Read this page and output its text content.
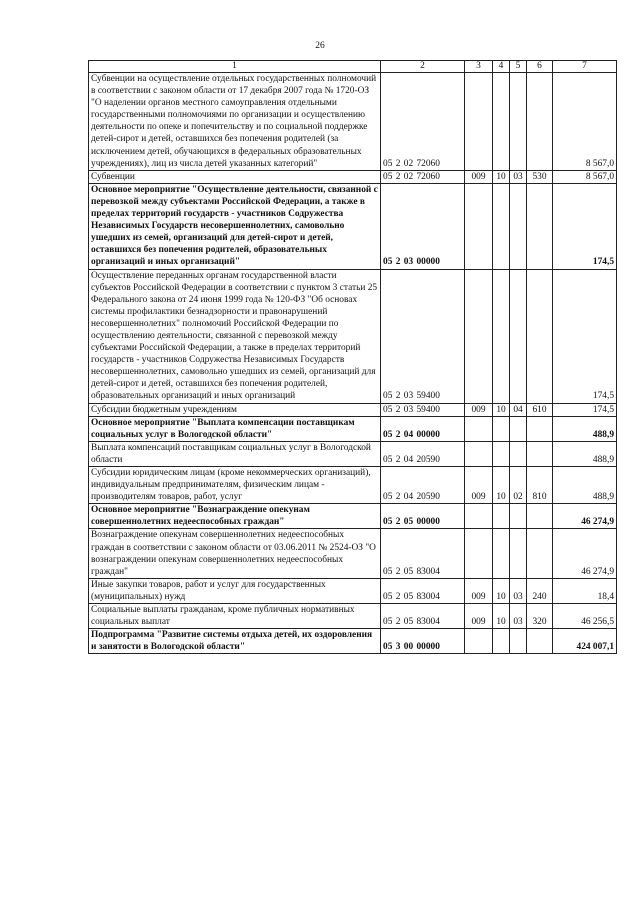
26
1	2	3	4	5	6	7
Субвенции на осуществление отдельных государственных полномочий в соответствии с законом области от 17 декабря 2007 года № 1720-ОЗ "О наделении органов местного самоуправления отдельными государственными полномочиями по организации и осуществлению деятельности по опеке и попечительству и по социальной поддержке детей-сирот и детей, оставшихся без попечения родителей (за исключением детей, обучающихся в федеральных образовательных учреждениях), лиц из числа детей указанных категорий"	05 2 02 72060					8 567,0
Субвенции	05 2 02 72060	009	10	03	530	8 567,0
Основное мероприятие "Осуществление деятельности, связанной с перевозкой между субъектами Российской Федерации, а также в пределах территорий государств - участников Содружества Независимых Государств несовершеннолетних, самовольно ушедших из семей, организаций для детей-сирот и детей, оставшихся без попечения родителей, образовательных организаций и иных организаций"	05 2 03 00000					174,5
Осуществление переданных органам государственной власти субъектов Российской Федерации в соответствии с пунктом 3 статьи 25 Федерального закона от 24 июня 1999 года № 120-ФЗ "Об основах системы профилактики безнадзорности и правонарушений несовершеннолетних" полномочий Российской Федерации по осуществлению деятельности, связанной с перевозкой между субъектами Российской Федерации, а также в пределах территорий государств - участников Содружества Независимых Государств несовершеннолетних, самовольно ушедших из семей, организаций для детей-сирот и детей, оставшихся без попечения родителей, образовательных организаций и иных организаций	05 2 03 59400					174,5
Субсидии бюджетным учреждениям	05 2 03 59400	009	10	04	610	174,5
Основное мероприятие "Выплата компенсации поставщикам социальных услуг в Вологодской области"	05 2 04 00000					488,9
Выплата компенсаций поставщикам социальных услуг в Вологодской области	05 2 04 20590					488,9
Субсидии юридическим лицам (кроме некоммерческих организаций), индивидуальным предпринимателям, физическим лицам - производителям товаров, работ, услуг	05 2 04 20590	009	10	02	810	488,9
Основное мероприятие "Вознаграждение опекунам совершеннолетних недееспособных граждан"	05 2 05 00000					46 274,9
Вознаграждение опекунам совершеннолетних недееспособных граждан в соответствии с законом области от 03.06.2011 № 2524-ОЗ "О вознаграждении опекунам совершеннолетних недееспособных граждан"	05 2 05 83004					46 274,9
Иные закупки товаров, работ и услуг для государственных (муниципальных) нужд	05 2 05 83004	009	10	03	240	18,4
Социальные выплаты гражданам, кроме публичных нормативных социальных выплат	05 2 05 83004	009	10	03	320	46 256,5
Подпрограмма "Развитие системы отдыха детей, их оздоровления и занятости в Вологодской области"	05 3 00 00000					424 007,1
